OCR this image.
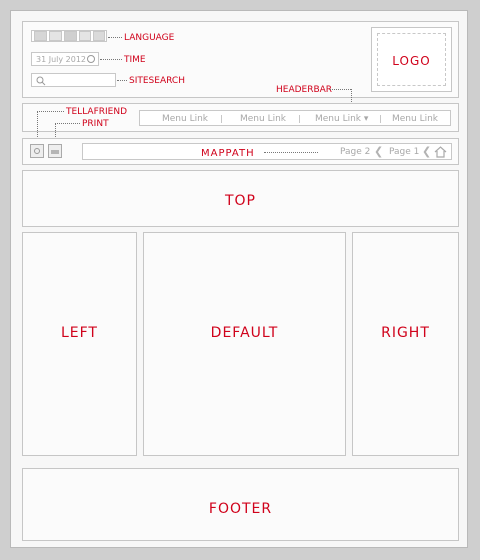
LANGUAGE
31 July 2012	TIME
SITESEARCH
LOGO
HEADERBAR
Menu Link	Menu Link	Menu Link ▾	Menu Link
TELLAFRIEND
PRINT
MAPPATH	Page 2 ❮ Page 1 ❮
TOP
LEFT	DEFAULT	RIGHT
FOOTER
